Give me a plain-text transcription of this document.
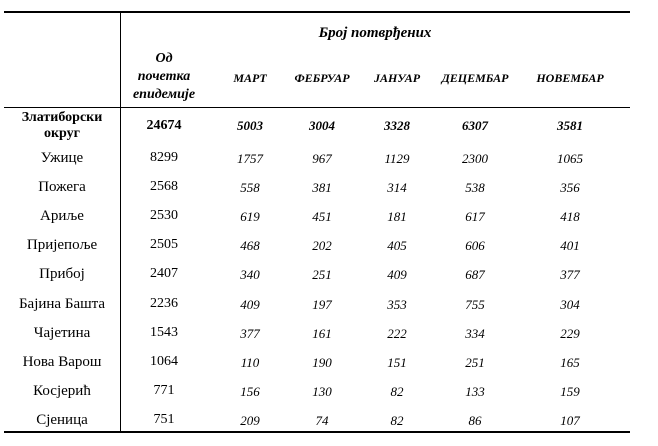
Број потврђених
Од
почетка
епидемије
МАРТ	ФЕБРУАР	ЈАНУАР	ДЕЦЕМБАР	НОВЕМБАР
Златиборски
округ
24674	5003	3004	3328	6307	3581
Ужице	8299	1757	967	1129	2300	1065
Пожега	2568	558	381	314	538	356
Ариље	2530	619	451	181	617	418
Пријепоље	2505	468	202	405	606	401
Прибој	2407	340	251	409	687	377
Бајина Башта	2236	409	197	353	755	304
Чајетина	1543	377	161	222	334	229
Нова Варош	1064	110	190	151	251	165
Косјерић	771	156	130	82	133	159
Сјеница	751	209	74	82	86	107
